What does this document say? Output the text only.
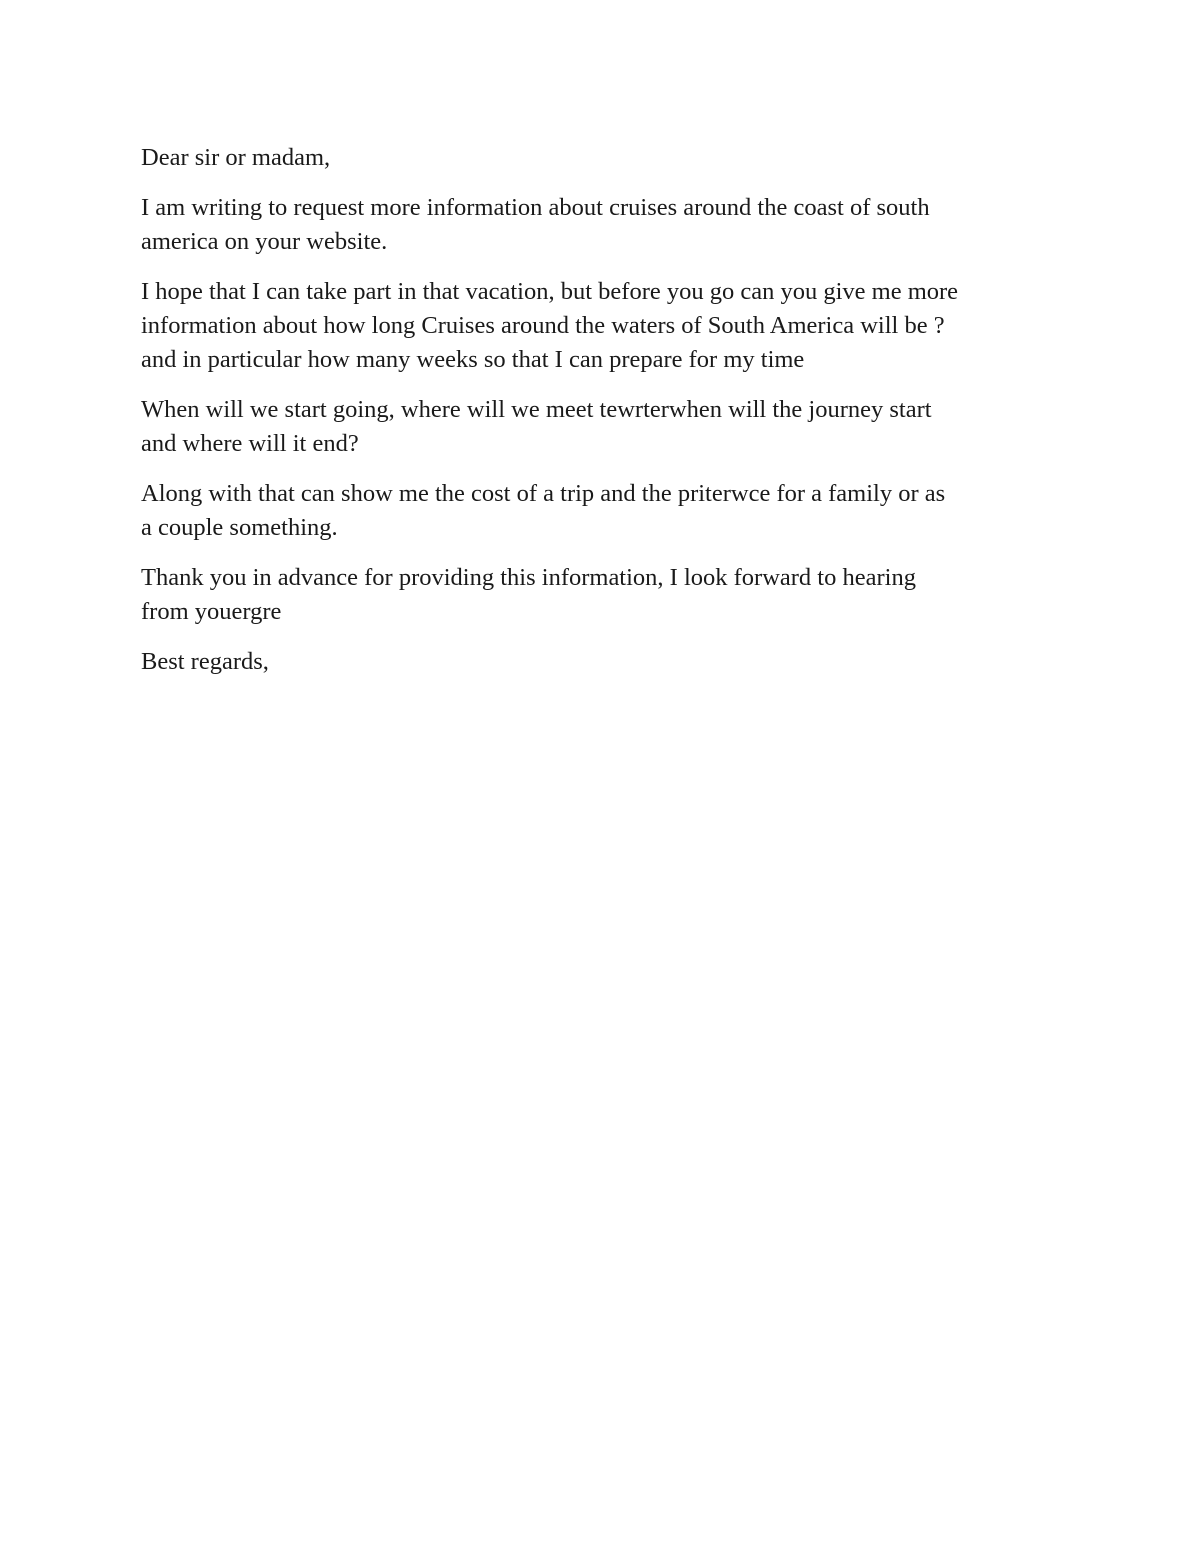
Dear sir or madam,

I am writing to request more information about cruises around the coast of south
america on your website.

I hope that I can take part in that vacation, but before you go can you give me more
information about how long Cruises around the waters of South America will be ?
and in particular how many weeks so that I can prepare for my time

When will we start going, where will we meet tewrterwhen will the journey start
and where will it end?

Along with that can show me the cost of a trip and the priterwce for a family or as
a couple something.

Thank you in advance for providing this information, I look forward to hearing
from youergre

Best regards,
